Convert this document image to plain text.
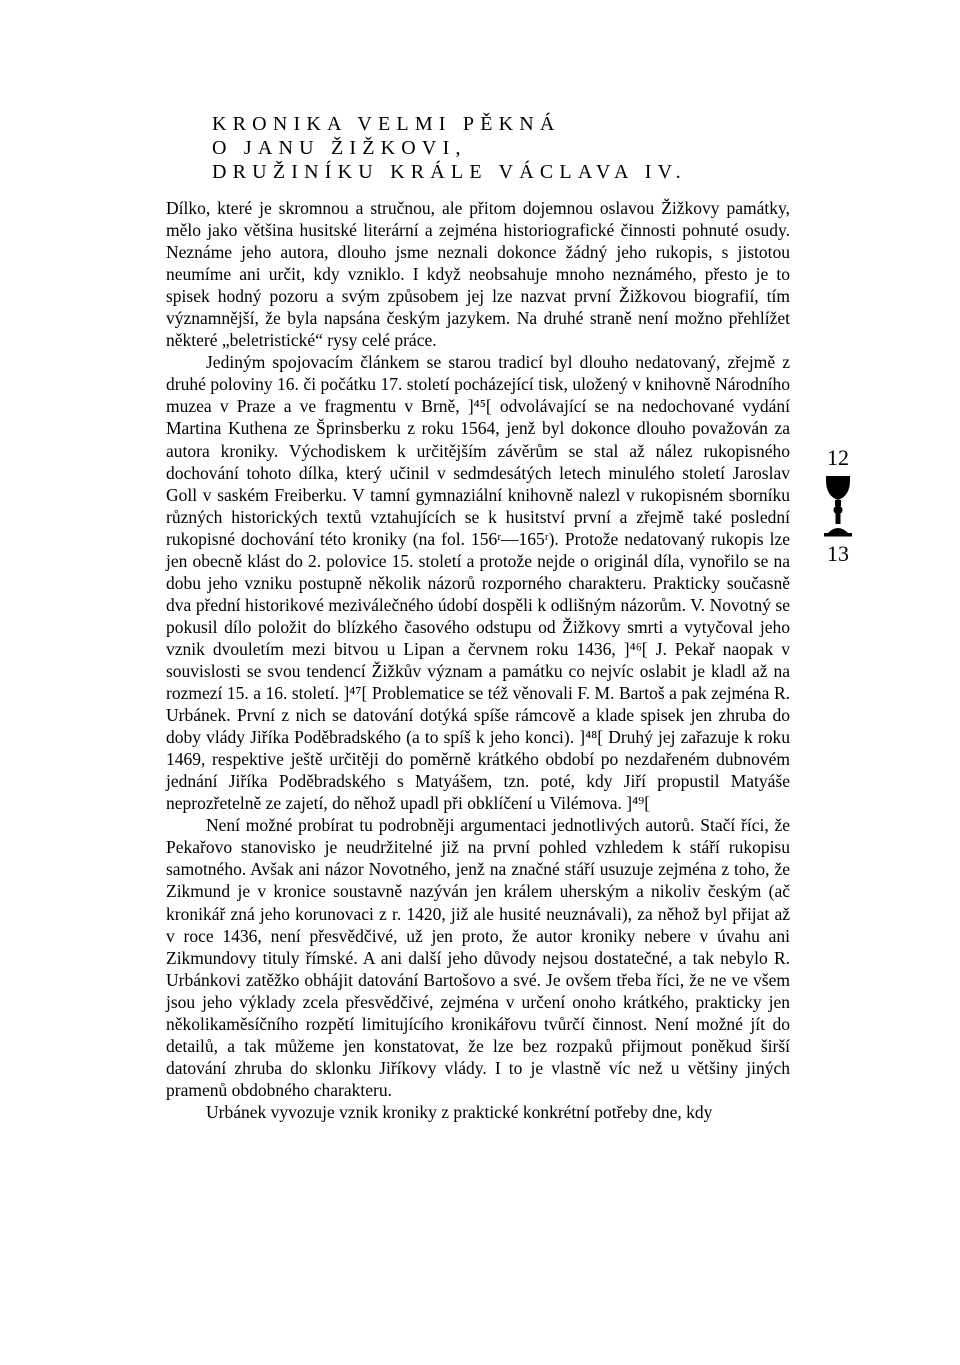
KRONIKA VELMI PĚKNÁ
O JANU ŽIŽKOVI,
DRUŽINÍKU KRÁLE VÁCLAVA IV.

Dílko, které je skromnou a stručnou, ale přitom dojemnou oslavou Žižkovy památky, mělo jako většina husitské literární a zejména historiografické činnosti pohnuté osudy. Neznáme jeho autora, dlouho jsme neznali dokonce žádný jeho rukopis, s jistotou neumíme ani určit, kdy vzniklo. I když neobsahuje mnoho neznámého, přesto je to spisek hodný pozoru a svým způsobem jej lze nazvat první Žižkovou biografií, tím významnější, že byla napsána českým jazykem. Na druhé straně není možno přehlížet některé „beletristické“ rysy celé práce.

Jediným spojovacím článkem se starou tradicí byl dlouho nedatovaný, zřejmě z druhé poloviny 16. či počátku 17. století pocházející tisk, uložený v knihovně Národního muzea v Praze a ve fragmentu v Brně, ]⁴⁵[ odvolávající se na nedochované vydání Martina Kuthena ze Šprinsberku z roku 1564, jenž byl dokonce dlouho považován za autora kroniky. Východiskem k určitějším závěrům se stal až nález rukopisného dochování tohoto dílka, který učinil v sedmdesátých letech minulého století Jaroslav Goll v saském Freiberku. V tamní gymnaziální knihovně nalezl v rukopisném sborníku různých historických textů vztahujících se k husitství první a zřejmě také poslední rukopisné dochování této kroniky (na fol. 156ʳ—165ʳ). Protože nedatovaný rukopis lze jen obecně klást do 2. polovice 15. století a protože nejde o originál díla, vynořilo se na dobu jeho vzniku postupně několik názorů rozporného charakteru. Prakticky současně dva přední historikové meziválečného údobí dospěli k odlišným názorům. V. Novotný se pokusil dílo položit do blízkého časového odstupu od Žižkovy smrti a vytyčoval jeho vznik dvouletím mezi bitvou u Lipan a červnem roku 1436, ]⁴⁶[ J. Pekař naopak v souvislosti se svou tendencí Žižkův význam a památku co nejvíc oslabit je kladl až na rozmezí 15. a 16. století. ]⁴⁷[ Problematice se též věnovali F. M. Bartoš a pak zejména R. Urbánek. První z nich se datování dotýká spíše rámcově a klade spisek jen zhruba do doby vlády Jiříka Poděbradského (a to spíš k jeho konci). ]⁴⁸[ Druhý jej zařazuje k roku 1469, respektive ještě určitěji do poměrně krátkého období po nezdařeném dubnovém jednání Jiříka Poděbradského s Matyášem, tzn. poté, kdy Jiří propustil Matyáše neprozřetelně ze zajetí, do něhož upadl při obklíčení u Vilémova. ]⁴⁹[

Není možné probírat tu podrobněji argumentaci jednotlivých autorů. Stačí říci, že Pekařovo stanovisko je neudržitelné již na první pohled vzhledem k stáří rukopisu samotného. Avšak ani názor Novotného, jenž na značné stáří usuzuje zejména z toho, že Zikmund je v kronice soustavně nazýván jen králem uherským a nikoliv českým (ač kronikář zná jeho korunovaci z r. 1420, již ale husité neuznávali), za něhož byl přijat až v roce 1436, není přesvědčivé, už jen proto, že autor kroniky nebere v úvahu ani Zikmundovy tituly římské. A ani další jeho důvody nejsou dostatečné, a tak nebylo R. Urbánkovi zatěžko obhájit datování Bartošovo a své. Je ovšem třeba říci, že ne ve všem jsou jeho výklady zcela přesvědčivé, zejména v určení onoho krátkého, prakticky jen několikaměsíčního rozpětí limitujícího kronikářovu tvůrčí činnost. Není možné jít do detailů, a tak můžeme jen konstatovat, že lze bez rozpaků přijmout poněkud širší datování zhruba do sklonku Jiříkovy vlády. I to je vlastně víc než u většiny jiných pramenů obdobného charakteru.

Urbánek vyvozuje vznik kroniky z praktické konkrétní potřeby dne, kdy

12
13
